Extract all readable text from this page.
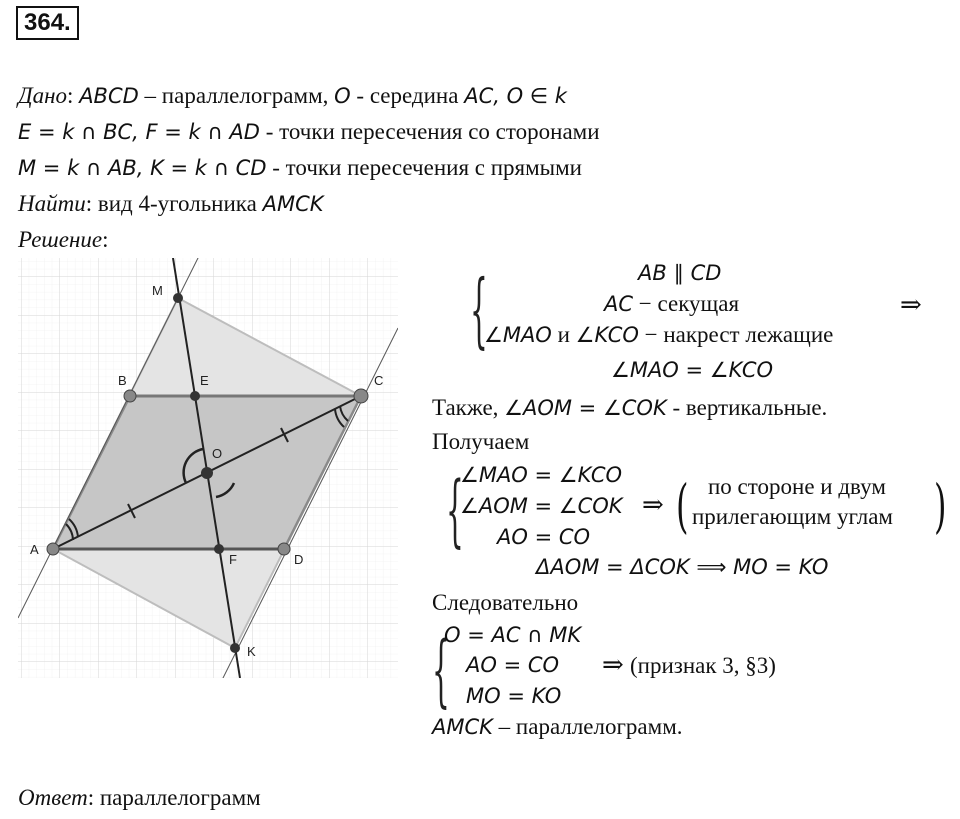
364.
Дано: ABCD – параллелограмм, O - середина AC, O ∈ k
E = k ∩ BC, F = k ∩ AD - точки пересечения со сторонами
M = k ∩ AB, K = k ∩ CD - точки пересечения с прямыми
Найти: вид 4-угольника AMCK
Решение:
M
B	E	C
O
A
F	D
K
{	AB ∥ CD
AC − секущая
∠MAO и ∠KCO − накрест лежащие
⇒
∠MAO = ∠KCO
Также, ∠AOM = ∠COK - вертикальные.
Получаем
{
∠MAO = ∠KCO
∠AOM = ∠COK
AO = CO
⇒ (	)
по стороне и двум
прилегающим углам
ΔAOM = ΔCOK ⟹ MO = KO
Следовательно
{
O = AC ∩ MK
AO = CO
MO = KO
⇒ (признак 3, §3)
AMCK – параллелограмм.
Ответ: параллелограмм
